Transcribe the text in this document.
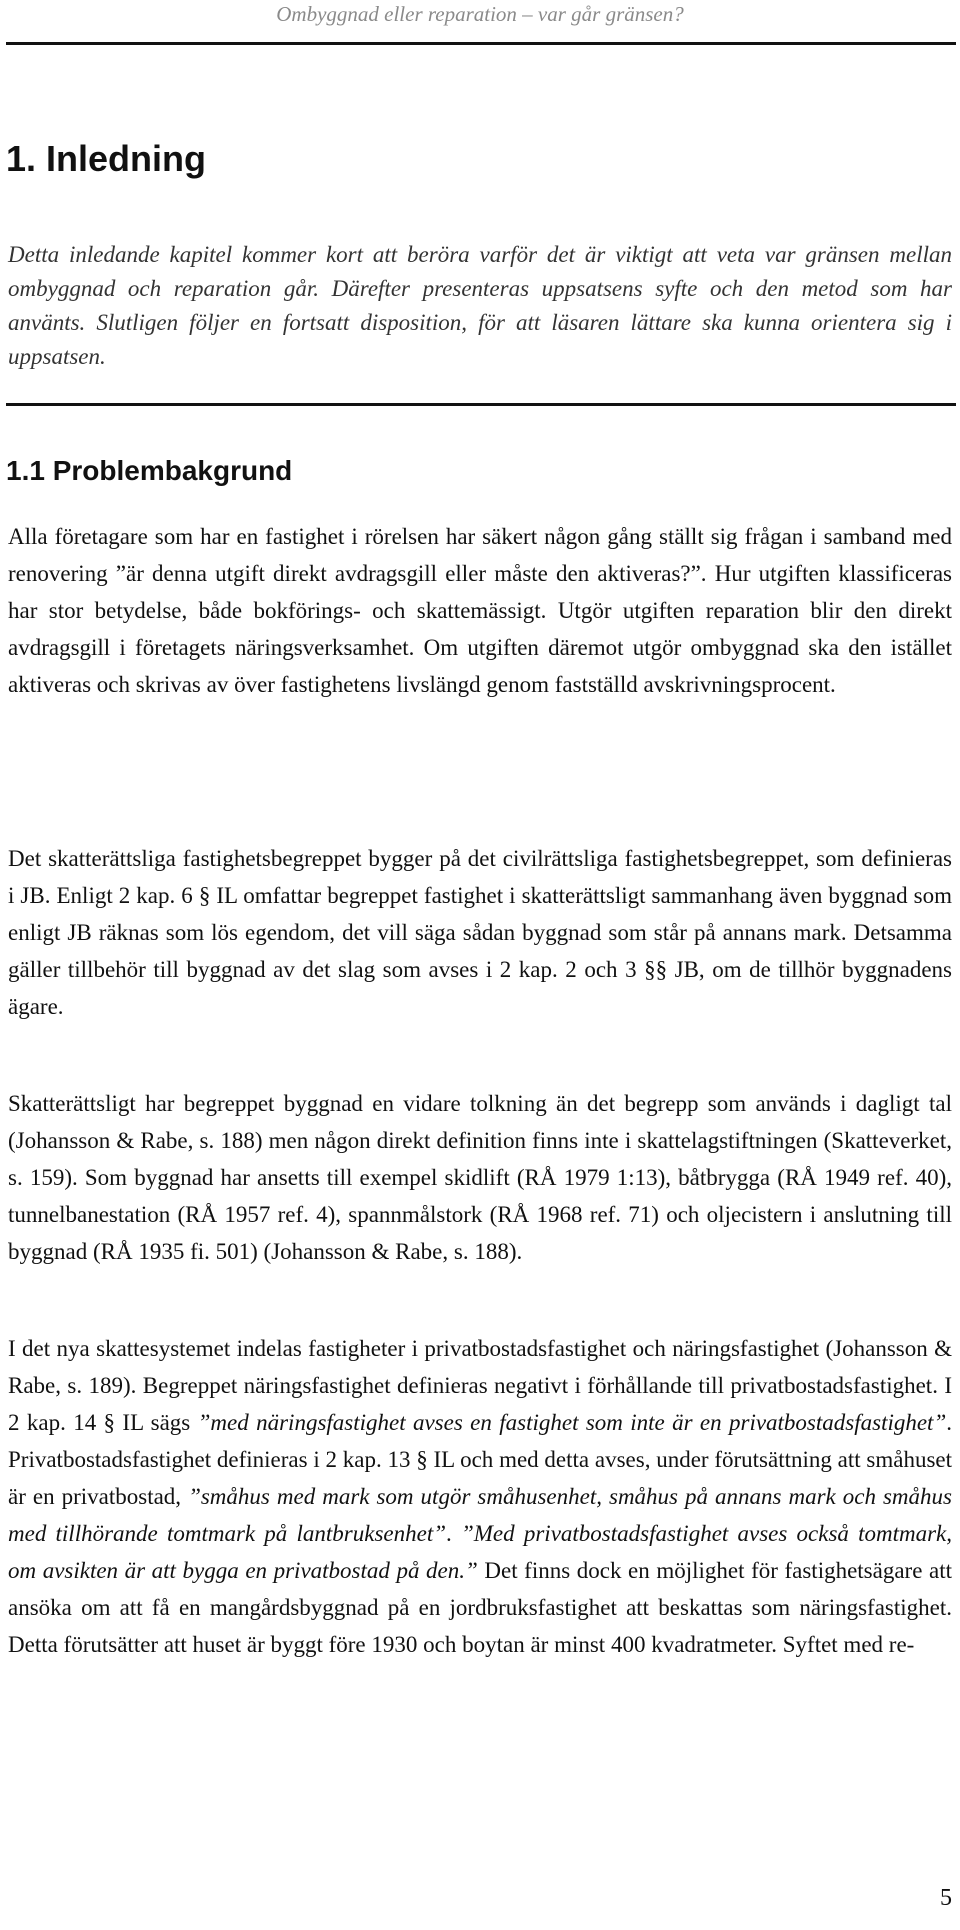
Ombyggnad eller reparation – var går gränsen?
1. Inledning
Detta inledande kapitel kommer kort att beröra varför det är viktigt att veta var gränsen mellan ombyggnad och reparation går. Därefter presenteras uppsatsens syfte och den metod som har använts. Slutligen följer en fortsatt disposition, för att läsaren lättare ska kunna orientera sig i uppsatsen.
1.1 Problembakgrund
Alla företagare som har en fastighet i rörelsen har säkert någon gång ställt sig frågan i samband med renovering ”är denna utgift direkt avdragsgill eller måste den aktiveras?”. Hur utgiften klassificeras har stor betydelse, både bokförings- och skattemässigt. Utgör utgiften reparation blir den direkt avdragsgill i företagets näringsverksamhet. Om utgiften däremot utgör ombyggnad ska den istället aktiveras och skrivas av över fastighetens livslängd genom fastställd avskrivningsprocent.
Det skatterättsliga fastighetsbegreppet bygger på det civilrättsliga fastighetsbegreppet, som definieras i JB. Enligt 2 kap. 6 § IL omfattar begreppet fastighet i skatterättsligt sammanhang även byggnad som enligt JB räknas som lös egendom, det vill säga sådan byggnad som står på annans mark. Detsamma gäller tillbehör till byggnad av det slag som avses i 2 kap. 2 och 3 §§ JB, om de tillhör byggnadens ägare.
Skatterättsligt har begreppet byggnad en vidare tolkning än det begrepp som används i dagligt tal (Johansson & Rabe, s. 188) men någon direkt definition finns inte i skattelagstiftningen (Skatteverket, s. 159). Som byggnad har ansetts till exempel skidlift (RÅ 1979 1:13), båtbrygga (RÅ 1949 ref. 40), tunnelbanestation (RÅ 1957 ref. 4), spannmålstork (RÅ 1968 ref. 71) och oljecistern i anslutning till byggnad (RÅ 1935 fi. 501) (Johansson & Rabe, s. 188).
I det nya skattesystemet indelas fastigheter i privatbostadsfastighet och näringsfastighet (Johansson & Rabe, s. 189). Begreppet näringsfastighet definieras negativt i förhållande till privatbostadsfastighet. I 2 kap. 14 § IL sägs ”med näringsfastighet avses en fastighet som inte är en privatbostadsfastighet”. Privatbostadsfastighet definieras i 2 kap. 13 § IL och med detta avses, under förutsättning att småhuset är en privatbostad, ”småhus med mark som utgör småhusenhet, småhus på annans mark och småhus med tillhörande tomtmark på lantbruksenhet”. ”Med privatbostadsfastighet avses också tomtmark, om avsikten är att bygga en privatbostad på den.” Det finns dock en möjlighet för fastighetsägare att ansöka om att få en mangårdsbyggnad på en jordbruksfastighet att beskattas som näringsfastighet. Detta förutsätter att huset är byggt före 1930 och boytan är minst 400 kvadratmeter. Syftet med re-
5
